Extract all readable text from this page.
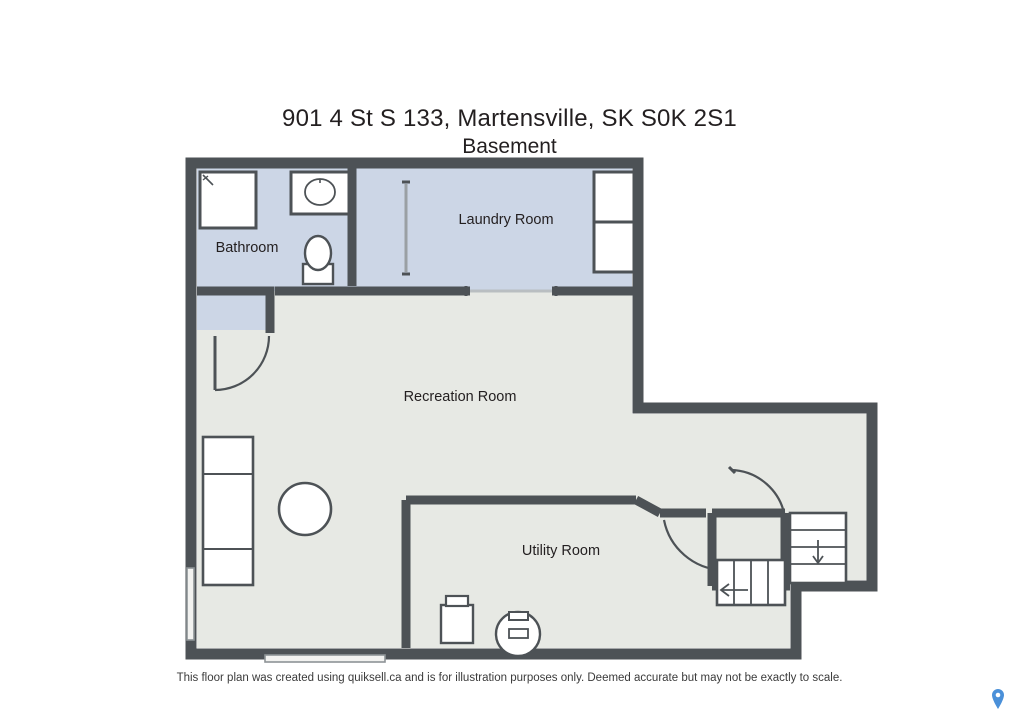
901 4 St S 133, Martensville, SK S0K 2S1
Basement
Bathroom
Laundry Room
Recreation Room
Utility Room
This floor plan was created using quiksell.ca and is for illustration purposes only. Deemed accurate but may not be exactly to scale.
